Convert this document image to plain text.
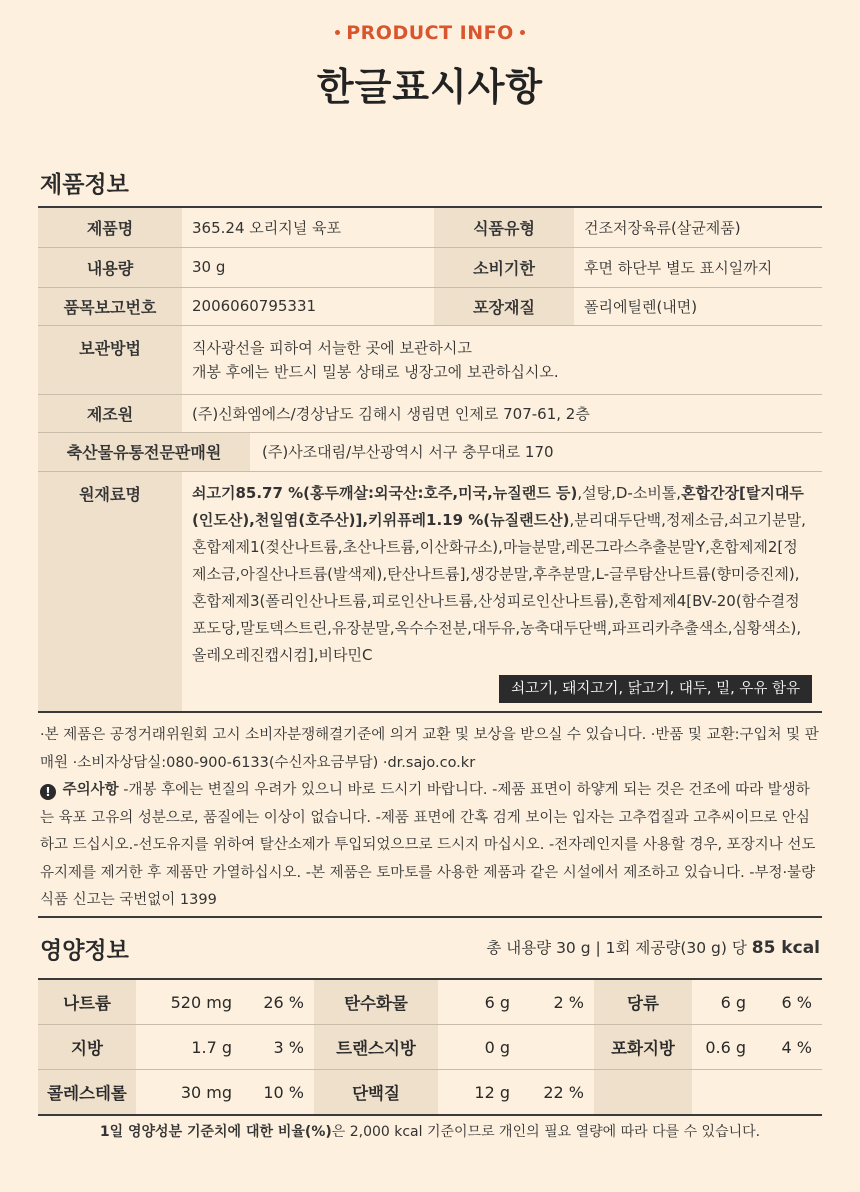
PRODUCT INFO
한글표시사항
제품정보
제품명	365.24 오리지널 육포	식품유형	건조저장육류(살균제품)
내용량	30 g	소비기한	후면 하단부 별도 표시일까지
품목보고번호	2006060795331	포장재질	폴리에틸렌(내면)
보관방법	직사광선을 피하여 서늘한 곳에 보관하시고
개봉 후에는 반드시 밀봉 상태로 냉장고에 보관하십시오.		

제조원	(주)신화엠에스/경상남도 김해시 생림면 인제로 707-61, 2층		

축산물유통전문판매원 (주)사조대림/부산광역시 서구 충무대로 170			

원재료명	쇠고기85.77 %(홍두깨살:외국산:호주,미국,뉴질랜드 등),설탕,D-소비톨,혼합간장[탈지대두(인도산),천일염(호주산)],키위퓨레1.19 %(뉴질랜드산),분리대두단백,정제소금,쇠고기분말,혼합제제1(젖산나트륨,초산나트륨,이산화규소),마늘분말,레몬그라스추출분말Y,혼합제제2[정제소금,아질산나트륨(발색제),탄산나트륨],생강분말,후추분말,L-글루탐산나트륨(향미증진제),혼합제제3(폴리인산나트륨,피로인산나트륨,산성피로인산나트륨),혼합제제4[BV-20(함수결정포도당,말토덱스트린,유장분말,옥수수전분,대두유,농축대두단백,파프리카추출색소,심황색소),올레오레진캡시컴],비타민C
쇠고기, 돼지고기, 닭고기, 대두, 밀, 우유 함유		
·본 제품은 공정거래위원회 고시 소비자분쟁해결기준에 의거 교환 및 보상을 받으실 수 있습니다. ·반품 및 교환:구입처 및 판매원 ·소비자상담실:080-900-6133(수신자요금부담) ·dr.sajo.co.kr
! 주의사항 -개봉 후에는 변질의 우려가 있으니 바로 드시기 바랍니다. -제품 표면이 하얗게 되는 것은 건조에 따라 발생하는 육포 고유의 성분으로, 품질에는 이상이 없습니다. -제품 표면에 간혹 검게 보이는 입자는 고추껍질과 고추씨이므로 안심하고 드십시오.-선도유지를 위하여 탈산소제가 투입되었으므로 드시지 마십시오. -전자레인지를 사용할 경우, 포장지나 선도유지제를 제거한 후 제품만 가열하십시오. -본 제품은 토마토를 사용한 제품과 같은 시설에서 제조하고 있습니다. -부정·불량 식품 신고는 국번없이 1399
영양정보	총 내용량 30 g | 1회 제공량(30 g) 당 85 kcal
나트륨	520 mg	26 %	탄수화물	6 g	2 %	당류	6 g	6 %
지방	1.7 g	3 %	트랜스지방	0 g		포화지방	0.6 g	4 %
콜레스테롤	30 mg	10 %	단백질	12 g	22 %			
1일 영양성분 기준치에 대한 비율(%)은 2,000 kcal 기준이므로 개인의 필요 열량에 따라 다를 수 있습니다.
